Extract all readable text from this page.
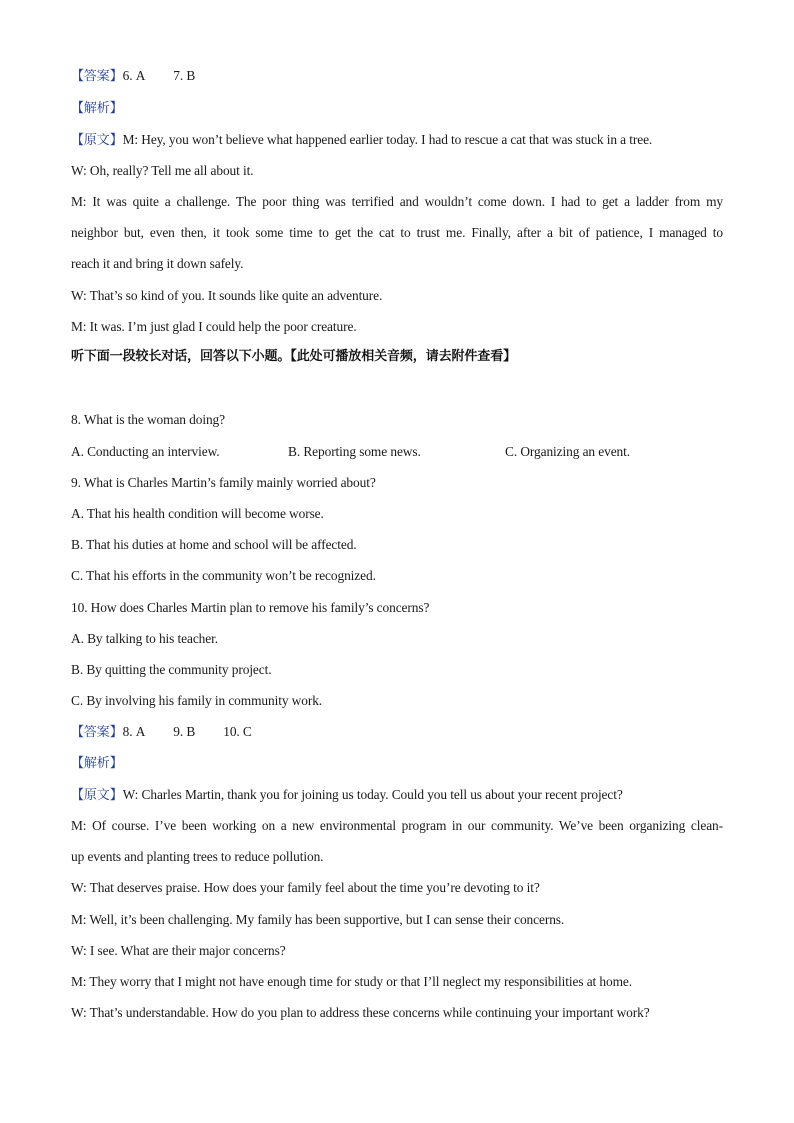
【答案】6. A 7. B
【解析】
【原文】M: Hey, you won’t believe what happened earlier today. I had to rescue a cat that was stuck in a tree.
W: Oh, really? Tell me all about it.
M: It was quite a challenge. The poor thing was terrified and wouldn’t come down. I had to get a ladder from my
neighbor but, even then, it took some time to get the cat to trust me. Finally, after a bit of patience, I managed to
reach it and bring it down safely.
W: That’s so kind of you. It sounds like quite an adventure.
M: It was. I’m just glad I could help the poor creature.
听下面一段较长对话，回答以下小题。【此处可播放相关音频，请去附件查看】
8. What is the woman doing?
A. Conducting an interview.	B. Reporting some news.	C. Organizing an event.
9. What is Charles Martin’s family mainly worried about?
A. That his health condition will become worse.
B. That his duties at home and school will be affected.
C. That his efforts in the community won’t be recognized.
10. How does Charles Martin plan to remove his family’s concerns?
A. By talking to his teacher.
B. By quitting the community project.
C. By involving his family in community work.
【答案】8. A 9. B 10. C
【解析】
【原文】W: Charles Martin, thank you for joining us today. Could you tell us about your recent project?
M: Of course. I’ve been working on a new environmental program in our community. We’ve been organizing clean-
up events and planting trees to reduce pollution.
W: That deserves praise. How does your family feel about the time you’re devoting to it?
M: Well, it’s been challenging. My family has been supportive, but I can sense their concerns.
W: I see. What are their major concerns?
M: They worry that I might not have enough time for study or that I’ll neglect my responsibilities at home.
W: That’s understandable. How do you plan to address these concerns while continuing your important work?
